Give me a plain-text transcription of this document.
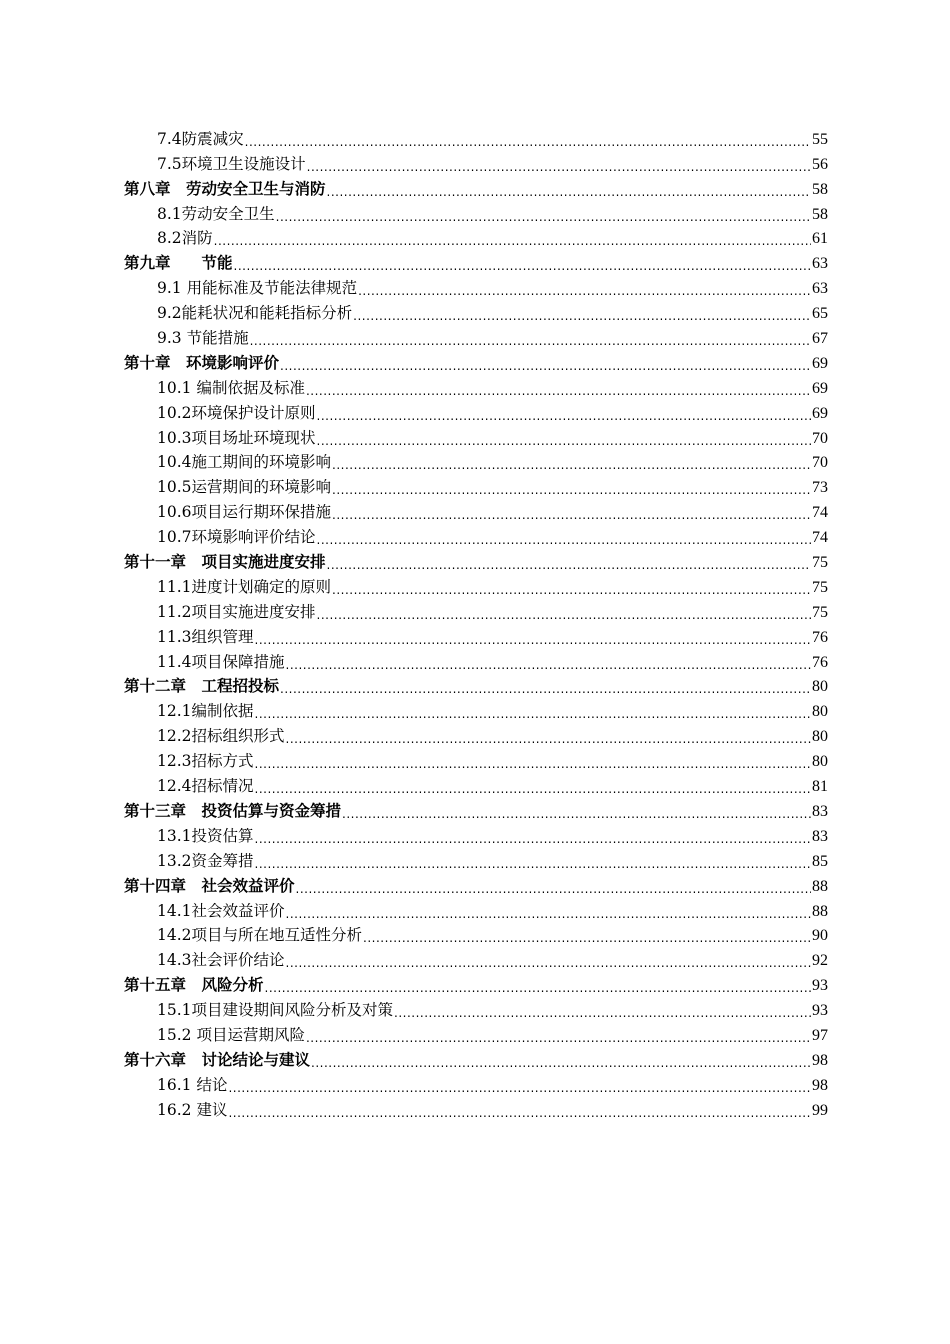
7.4防震减灾 .....	55
7.5环境卫生设施设计 .....	56
第八章　劳动安全卫生与消防 .....	58
8.1劳动安全卫生 .....	58
8.2消防 .....	61
第九章　　节能 .....	63
9.1 用能标准及节能法律规范 .....	63
9.2能耗状况和能耗指标分析 .....	65
9.3 节能措施 .....	67
第十章　环境影响评价 .....	69
10.1 编制依据及标准 .....	69
10.2环境保护设计原则 .....	69
10.3项目场址环境现状 .....	70
10.4施工期间的环境影响 .....	70
10.5运营期间的环境影响 .....	73
10.6项目运行期环保措施 .....	74
10.7环境影响评价结论 .....	74
第十一章　项目实施进度安排 .....	75
11.1进度计划确定的原则 .....	75
11.2项目实施进度安排 .....	75
11.3组织管理 .....	76
11.4项目保障措施 .....	76
第十二章　工程招投标 .....	80
12.1编制依据 .....	80
12.2招标组织形式 .....	80
12.3招标方式 .....	80
12.4招标情况 .....	81
第十三章　投资估算与资金筹措 .....	83
13.1投资估算 .....	83
13.2资金筹措 .....	85
第十四章　社会效益评价 .....	88
14.1社会效益评价 .....	88
14.2项目与所在地互适性分析 .....	90
14.3社会评价结论 .....	92
第十五章　风险分析 .....	93
15.1项目建设期间风险分析及对策 .....	93
15.2 项目运营期风险 .....	97
第十六章　讨论结论与建议 .....	98
16.1 结论 .....	98
16.2 建议 .....	99
